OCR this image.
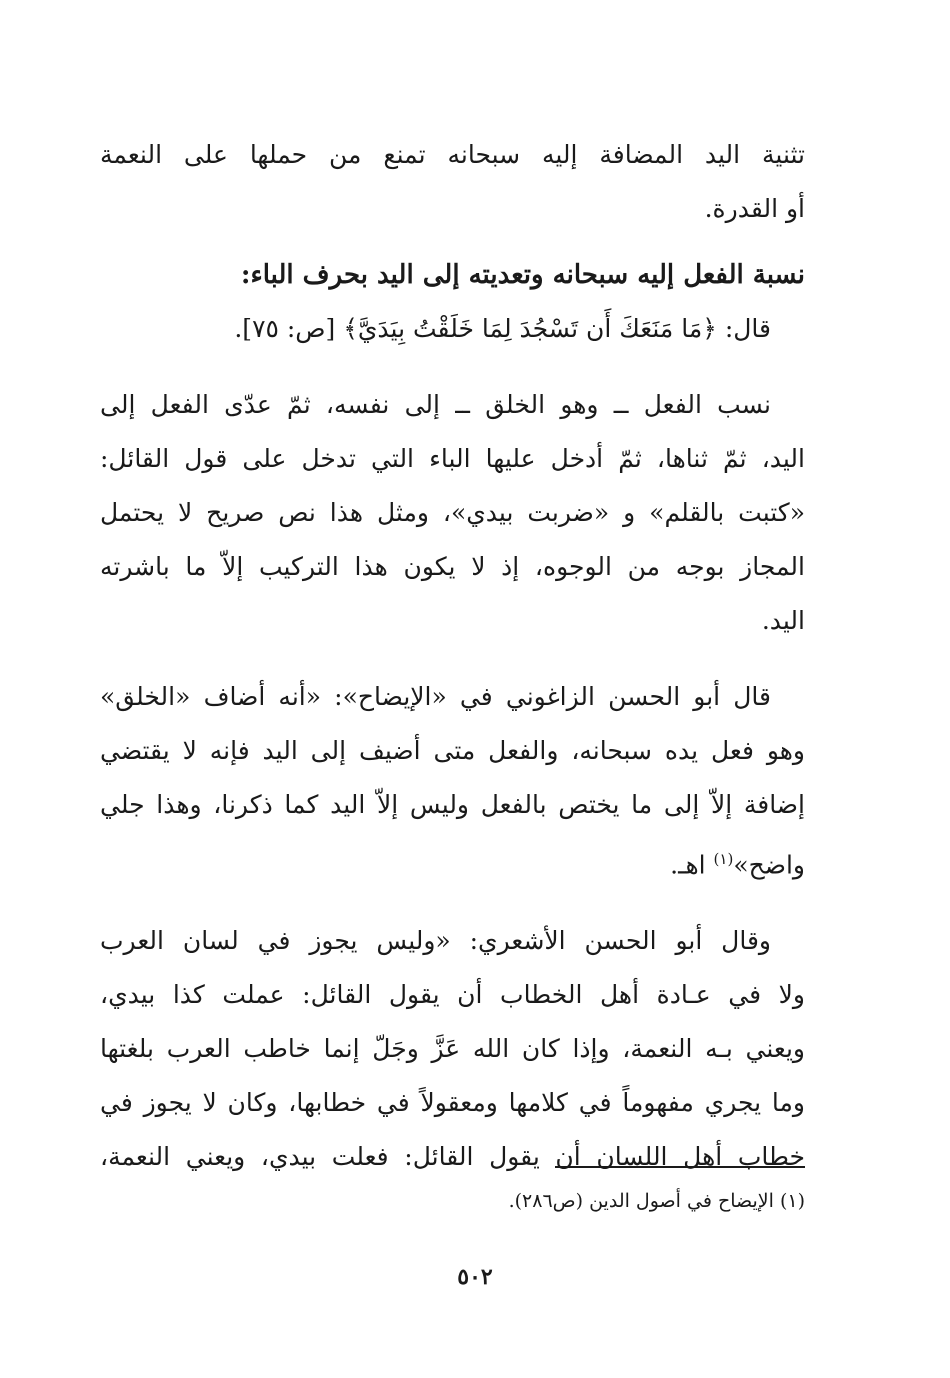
تثنية اليد المضافة إليه سبحانه تمنع من حملها على النعمة
أو القدرة.
نسبة الفعل إليه سبحانه وتعديته إلى اليد بحرف الباء:
قال: ﴿مَا مَنَعَكَ أَن تَسْجُدَ لِمَا خَلَقْتُ بِيَدَيَّ﴾ [ص: ٧٥].
نسب الفعل ــ وهو الخلق ــ إلى نفسه، ثمّ عدّى الفعل إلى
اليد، ثمّ ثناها، ثمّ أدخل عليها الباء التي تدخل على قول القائل:
«كتبت بالقلم» و «ضربت بيدي»، ومثل هذا نص صريح لا يحتمل
المجاز بوجه من الوجوه، إذ لا يكون هذا التركيب إلاّ ما باشرته
اليد.
قال أبو الحسن الزاغوني في «الإيضاح»: «أنه أضاف «الخلق»
وهو فعل يده سبحانه، والفعل متى أضيف إلى اليد فإنه لا يقتضي
إضافة إلاّ إلى ما يختص بالفعل وليس إلاّ اليد كما ذكرنا، وهذا جلي
واضح»$^{(١)}$ اهـ.
وقال أبو الحسن الأشعري: «وليس يجوز في لسان العرب
ولا في عـادة أهل الخطاب أن يقول القائل: عملت كذا بيدي،
ويعني بـه النعمة، وإذا كان الله عَزَّ وجَلّ إنما خاطب العرب بلغتها
وما يجري مفهوماً في كلامها ومعقولاً في خطابها، وكان لا يجوز في
خطاب أهل اللسان أن يقول القائل: فعلت بيدي، ويعني النعمة،
(١) الإيضاح في أصول الدين (ص٢٨٦).
٥٠٢
